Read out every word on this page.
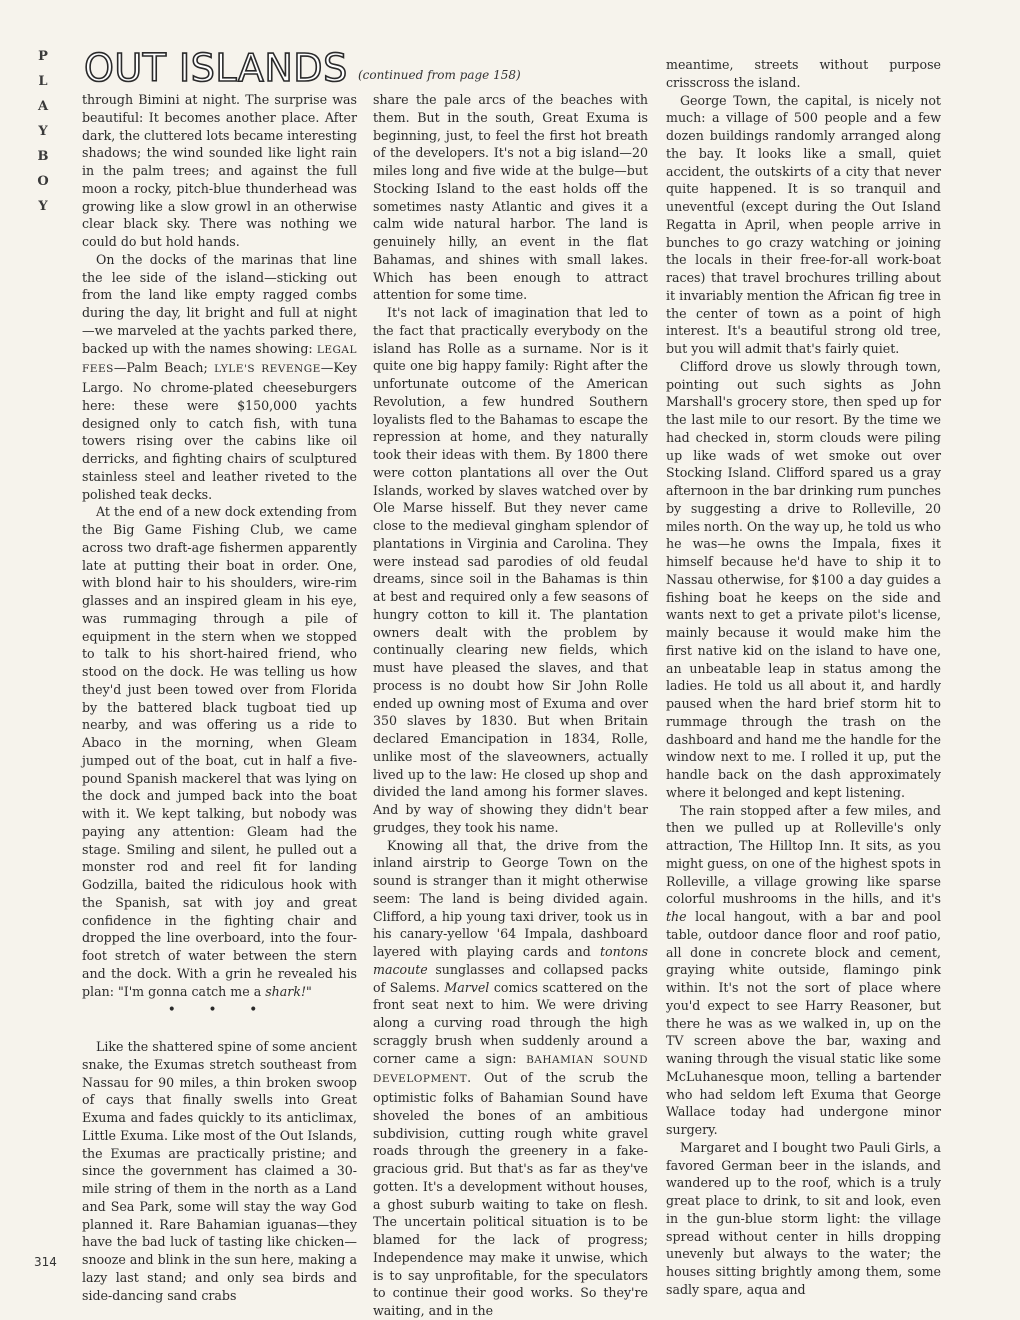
P
L
A
Y
B
O
Y
OUT ISLANDS (continued from page 158)

through Bimini at night. The surprise was beautiful: It becomes another place. After dark, the cluttered lots became interesting shadows; the wind sounded like light rain in the palm trees; and against the full moon a rocky, pitch-blue thunderhead was growing like a slow growl in an otherwise clear black sky. There was nothing we could do but hold hands.

On the docks of the marinas that line the lee side of the island—sticking out from the land like empty ragged combs during the day, lit bright and full at night—we marveled at the yachts parked there, backed up with the names showing: LEGAL FEES—Palm Beach; LYLE'S REVENGE—Key Largo. No chrome-plated cheeseburgers here: these were $150,000 yachts designed only to catch fish, with tuna towers rising over the cabins like oil derricks, and fighting chairs of sculptured stainless steel and leather riveted to the polished teak decks.

At the end of a new dock extending from the Big Game Fishing Club, we came across two draft-age fishermen apparently late at putting their boat in order. One, with blond hair to his shoulders, wire-rim glasses and an inspired gleam in his eye, was rummaging through a pile of equipment in the stern when we stopped to talk to his short-haired friend, who stood on the dock. He was telling us how they'd just been towed over from Florida by the battered black tugboat tied up nearby, and was offering us a ride to Abaco in the morning, when Gleam jumped out of the boat, cut in half a five-pound Spanish mackerel that was lying on the dock and jumped back into the boat with it. We kept talking, but nobody was paying any attention: Gleam had the stage. Smiling and silent, he pulled out a monster rod and reel fit for landing Godzilla, baited the ridiculous hook with the Spanish, sat with joy and great confidence in the fighting chair and dropped the line overboard, into the four-foot stretch of water between the stern and the dock. With a grin he revealed his plan: "I'm gonna catch me a shark!"

• • •

Like the shattered spine of some ancient snake, the Exumas stretch southeast from Nassau for 90 miles, a thin broken swoop of cays that finally swells into Great Exuma and fades quickly to its anticlimax, Little Exuma. Like most of the Out Islands, the Exumas are practically pristine; and since the government has claimed a 30-mile string of them in the north as a Land and Sea Park, some will stay the way God planned it. Rare Bahamian iguanas—they have the bad luck of tasting like chicken—snooze and blink in the sun here, making a lazy last stand; and only sea birds and side-dancing sand crabs

share the pale arcs of the beaches with them. But in the south, Great Exuma is beginning, just, to feel the first hot breath of the developers. It's not a big island—20 miles long and five wide at the bulge—but Stocking Island to the east holds off the sometimes nasty Atlantic and gives it a calm wide natural harbor. The land is genuinely hilly, an event in the flat Bahamas, and shines with small lakes. Which has been enough to attract attention for some time.

It's not lack of imagination that led to the fact that practically everybody on the island has Rolle as a surname. Nor is it quite one big happy family: Right after the unfortunate outcome of the American Revolution, a few hundred Southern loyalists fled to the Bahamas to escape the repression at home, and they naturally took their ideas with them. By 1800 there were cotton plantations all over the Out Islands, worked by slaves watched over by Ole Marse hisself. But they never came close to the medieval gingham splendor of plantations in Virginia and Carolina. They were instead sad parodies of old feudal dreams, since soil in the Bahamas is thin at best and required only a few seasons of hungry cotton to kill it. The plantation owners dealt with the problem by continually clearing new fields, which must have pleased the slaves, and that process is no doubt how Sir John Rolle ended up owning most of Exuma and over 350 slaves by 1830. But when Britain declared Emancipation in 1834, Rolle, unlike most of the slaveowners, actually lived up to the law: He closed up shop and divided the land among his former slaves. And by way of showing they didn't bear grudges, they took his name.

Knowing all that, the drive from the inland airstrip to George Town on the sound is stranger than it might otherwise seem: The land is being divided again. Clifford, a hip young taxi driver, took us in his canary-yellow '64 Impala, dashboard layered with playing cards and tontons macoute sunglasses and collapsed packs of Salems. Marvel comics scattered on the front seat next to him. We were driving along a curving road through the high scraggly brush when suddenly around a corner came a sign: BAHAMIAN SOUND DEVELOPMENT. Out of the scrub the optimistic folks of Bahamian Sound have shoveled the bones of an ambitious subdivision, cutting rough white gravel roads through the greenery in a fake-gracious grid. But that's as far as they've gotten. It's a development without houses, a ghost suburb waiting to take on flesh. The uncertain political situation is to be blamed for the lack of progress; Independence may make it unwise, which is to say unprofitable, for the speculators to continue their good works. So they're waiting, and in the

meantime, streets without purpose crisscross the island.

George Town, the capital, is nicely not much: a village of 500 people and a few dozen buildings randomly arranged along the bay. It looks like a small, quiet accident, the outskirts of a city that never quite happened. It is so tranquil and uneventful (except during the Out Island Regatta in April, when people arrive in bunches to go crazy watching or joining the locals in their free-for-all work-boat races) that travel brochures trilling about it invariably mention the African fig tree in the center of town as a point of high interest. It's a beautiful strong old tree, but you will admit that's fairly quiet.

Clifford drove us slowly through town, pointing out such sights as John Marshall's grocery store, then sped up for the last mile to our resort. By the time we had checked in, storm clouds were piling up like wads of wet smoke out over Stocking Island. Clifford spared us a gray afternoon in the bar drinking rum punches by suggesting a drive to Rolleville, 20 miles north. On the way up, he told us who he was—he owns the Impala, fixes it himself because he'd have to ship it to Nassau otherwise, for $100 a day guides a fishing boat he keeps on the side and wants next to get a private pilot's license, mainly because it would make him the first native kid on the island to have one, an unbeatable leap in status among the ladies. He told us all about it, and hardly paused when the hard brief storm hit to rummage through the trash on the dashboard and hand me the handle for the window next to me. I rolled it up, put the handle back on the dash approximately where it belonged and kept listening.

The rain stopped after a few miles, and then we pulled up at Rolleville's only attraction, The Hilltop Inn. It sits, as you might guess, on one of the highest spots in Rolleville, a village growing like sparse colorful mushrooms in the hills, and it's the local hangout, with a bar and pool table, outdoor dance floor and roof patio, all done in concrete block and cement, graying white outside, flamingo pink within. It's not the sort of place where you'd expect to see Harry Reasoner, but there he was as we walked in, up on the TV screen above the bar, waxing and waning through the visual static like some McLuhanesque moon, telling a bartender who had seldom left Exuma that George Wallace today had undergone minor surgery.

Margaret and I bought two Pauli Girls, a favored German beer in the islands, and wandered up to the roof, which is a truly great place to drink, to sit and look, even in the gun-blue storm light: the village spread without center in hills dropping unevenly but always to the water; the houses sitting brightly among them, some sadly spare, aqua and

314
